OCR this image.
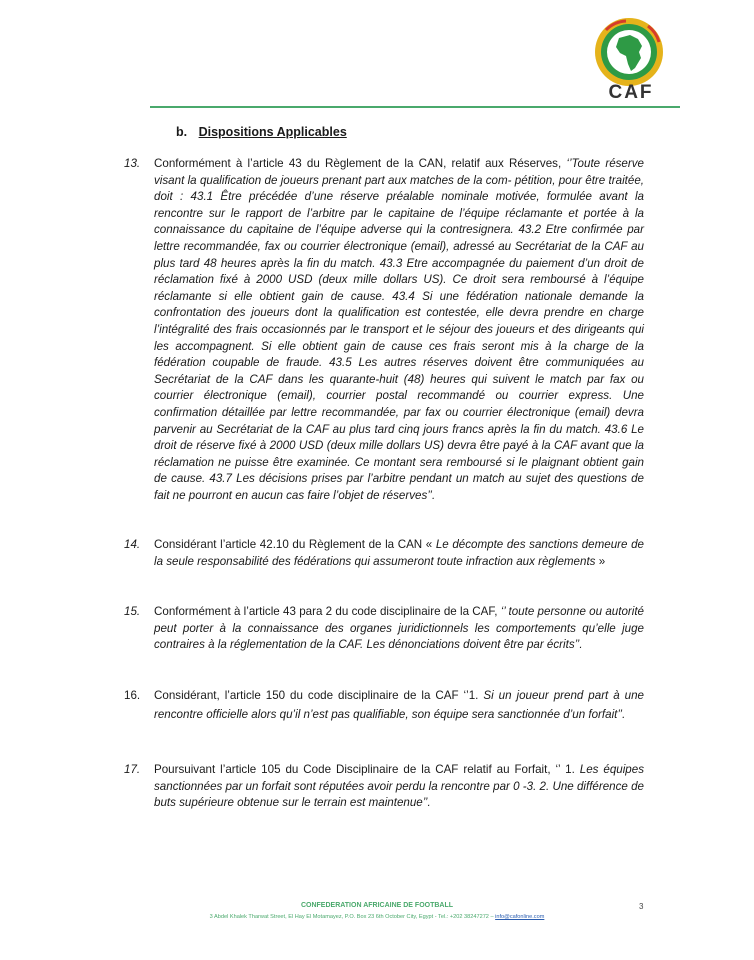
CAF
b. Dispositions Applicables
13.	Conformément à l’article 43 du Règlement de la CAN, relatif aux Réserves, ‘’Toute réserve visant la qualification de joueurs prenant part aux matches de la com- pétition, pour être traitée, doit : 43.1 Être précédée d’une réserve préalable nominale motivée, formulée avant la rencontre sur le rapport de l’arbitre par le capitaine de l’équipe réclamante et portée à la connaissance du capitaine de l’équipe adverse qui la contresignera. 43.2 Etre confirmée par lettre recommandée, fax ou courrier électronique (email), adressé au Secrétariat de la CAF au plus tard 48 heures après la fin du match. 43.3 Etre accompagnée du paiement d’un droit de réclamation fixé à 2000 USD (deux mille dollars US). Ce droit sera remboursé à l’équipe réclamante si elle obtient gain de cause. 43.4 Si une fédération nationale demande la confrontation des joueurs dont la qualification est contestée, elle devra prendre en charge l’intégralité des frais occasionnés par le transport et le séjour des joueurs et des dirigeants qui les accompagnent. Si elle obtient gain de cause ces frais seront mis à la charge de la fédération coupable de fraude. 43.5 Les autres réserves doivent être communiquées au Secrétariat de la CAF dans les quarante-huit (48) heures qui suivent le match par fax ou courrier électronique (email), courrier postal recommandé ou courrier express. Une confirmation détaillée par lettre recommandée, par fax ou courrier électronique (email) devra parvenir au Secrétariat de la CAF au plus tard cinq jours francs après la fin du match. 43.6 Le droit de réserve fixé à 2000 USD (deux mille dollars US) devra être payé à la CAF avant que la réclamation ne puisse être examinée. Ce montant sera remboursé si le plaignant obtient gain de cause. 43.7 Les décisions prises par l’arbitre pendant un match au sujet des questions de fait ne pourront en aucun cas faire l’objet de réserves’’.
14.	Considérant l’article 42.10 du Règlement de la CAN « Le décompte des sanctions demeure de la seule responsabilité des fédérations qui assumeront toute infraction aux règlements »
15.	Conformément à l’article 43 para 2 du code disciplinaire de la CAF, ‘’ toute personne ou autorité peut porter à la connaissance des organes juridictionnels les comportements qu’elle juge contraires à la réglementation de la CAF. Les dénonciations doivent être par écrits’’.
16.	Considérant, l’article 150 du code disciplinaire de la CAF ‘’1. Si un joueur prend part à une rencontre officielle alors qu’il n’est pas qualifiable, son équipe sera sanctionnée d’un forfait’’.
17.	Poursuivant l’article 105 du Code Disciplinaire de la CAF relatif au Forfait, ‘’ 1. Les équipes sanctionnées par un forfait sont réputées avoir perdu la rencontre par 0 -3. 2. Une différence de buts supérieure obtenue sur le terrain est maintenue’’.
CONFEDERATION AFRICAINE DE FOOTBALL
3 Abdel Khalek Tharwat Street, El Hay El Motamayez, P.O. Box 23 6th October City, Egypt - Tel.: +202 38247272 – info@cafonline.com
3
